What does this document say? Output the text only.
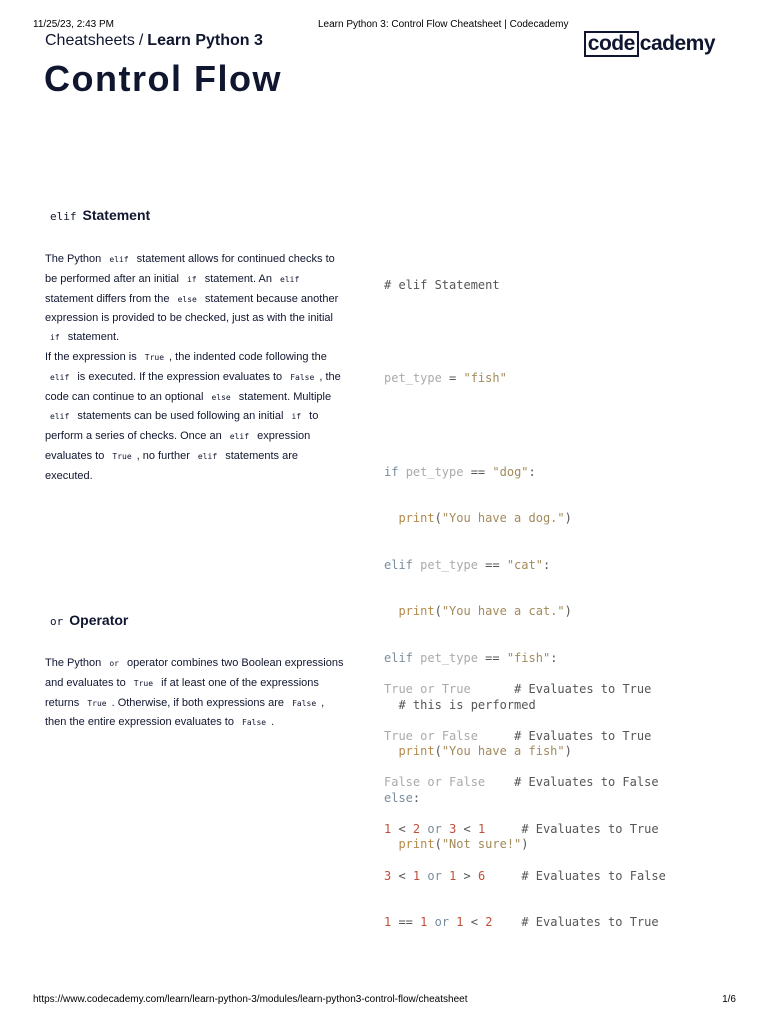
11/25/23, 2:43 PM	Learn Python 3: Control Flow Cheatsheet | Codecademy
Cheatsheets / Learn Python 3	code cademy
Control Flow
elif Statement
The Python elif statement allows for continued checks to be performed after an initial if statement. An elif statement differs from the else statement because another expression is provided to be checked, just as with the initial if statement.
If the expression is True , the indented code following the elif is executed. If the expression evaluates to False , the code can continue to an optional else statement. Multiple elif statements can be used following an initial if to perform a series of checks. Once an elif expression evaluates to True , no further elif statements are executed.

# elif Statement

pet_type = "fish"

if pet_type == "dog":

print("You have a dog.")

elif pet_type == "cat":

print("You have a cat.")

elif pet_type == "fish":

# this is performed

print("You have a fish")

else:

print("Not sure!")

or Operator
The Python or operator combines two Boolean expressions and evaluates to True if at least one of the expressions returns True . Otherwise, if both expressions are False , then the entire expression evaluates to False .

True or True	# Evaluates to True

True or False	# Evaluates to True

False or False # Evaluates to False

1 < 2 or 3 < 1	# Evaluates to True

3 < 1 or 1 > 6	# Evaluates to False

1 == 1 or 1 < 2 # Evaluates to True

https://www.codecademy.com/learn/learn-python-3/modules/learn-python3-control-flow/cheatsheet	1/6
